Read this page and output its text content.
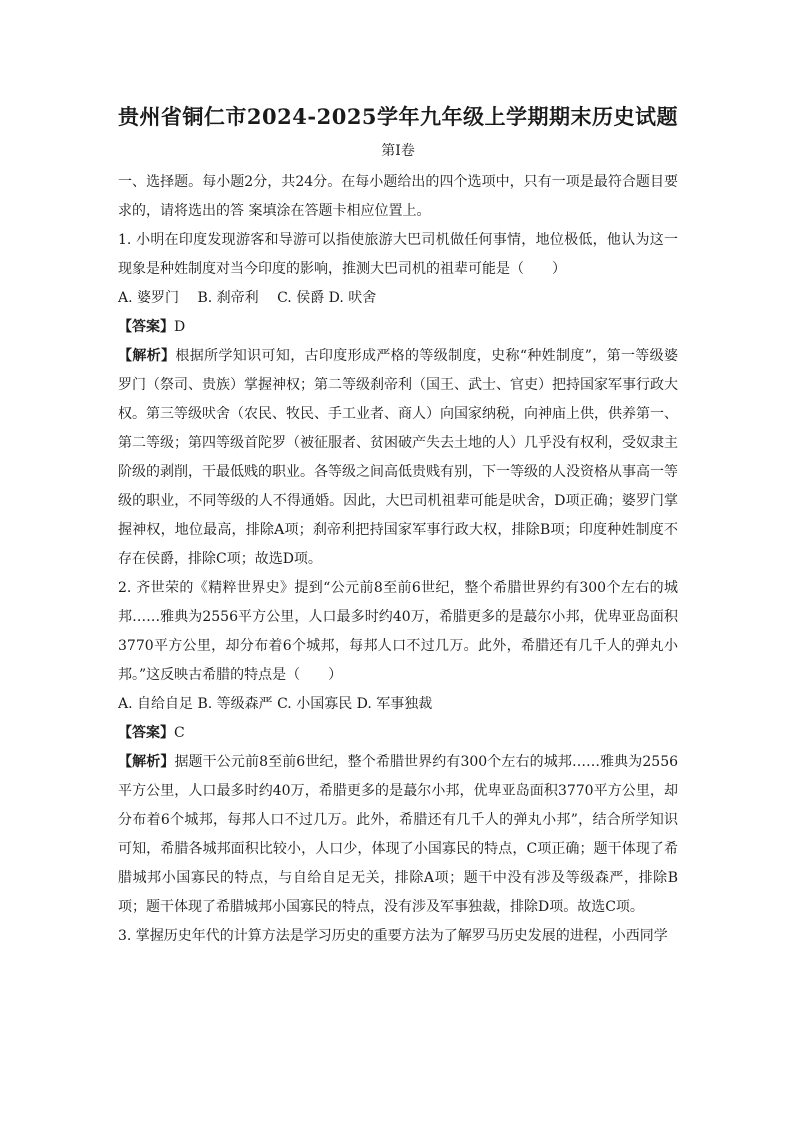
贵州省铜仁市2024-2025学年九年级上学期期末历史试题
第Ⅰ卷

一、选择题。每小题2分，共24分。在每小题给出的四个选项中，只有一项是最符合题目要求的，请将选出的答 案填涂在答题卡相应位置上。

1. 小明在印度发现游客和导游可以指使旅游大巴司机做任何事情，地位极低，他认为这一现象是种姓制度对当今印度的影响，推测大巴司机的祖辈可能是（　　）

A. 婆罗门　 B. 刹帝利　 C. 侯爵 D. 吠舍

【答案】D

【解析】根据所学知识可知，古印度形成严格的等级制度，史称“种姓制度”，第一等级婆罗门（祭司、贵族）掌握神权；第二等级刹帝利（国王、武士、官吏）把持国家军事行政大权。第三等级吠舍（农民、牧民、手工业者、商人）向国家纳税，向神庙上供，供养第一、第二等级；第四等级首陀罗（被征服者、贫困破产失去土地的人）几乎没有权利，受奴隶主阶级的剥削，干最低贱的职业。各等级之间高低贵贱有别，下一等级的人没资格从事高一等级的职业，不同等级的人不得通婚。因此，大巴司机祖辈可能是吠舍，D项正确；婆罗门掌握神权，地位最高，排除A项；刹帝利把持国家军事行政大权，排除B项；印度种姓制度不存在侯爵，排除C项；故选D项。

2. 齐世荣的《精粹世界史》提到“公元前8至前6世纪，整个希腊世界约有300个左右的城邦……雅典为2556平方公里，人口最多时约40万，希腊更多的是蕞尔小邦，优卑亚岛面积3770平方公里，却分布着6个城邦，每邦人口不过几万。此外，希腊还有几千人的弹丸小邦。”这反映古希腊的特点是（　　）

A. 自给自足 B. 等级森严 C. 小国寡民 D. 军事独裁

【答案】C

【解析】据题干公元前8至前6世纪，整个希腊世界约有300个左右的城邦……雅典为2556平方公里，人口最多时约40万，希腊更多的是蕞尔小邦，优卑亚岛面积3770平方公里，却分布着6个城邦，每邦人口不过几万。此外，希腊还有几千人的弹丸小邦”，结合所学知识可知，希腊各城邦面积比较小，人口少，体现了小国寡民的特点，C项正确；题干体现了希腊城邦小国寡民的特点，与自给自足无关，排除A项；题干中没有涉及等级森严，排除B项；题干体现了希腊城邦小国寡民的特点，没有涉及军事独裁，排除D项。故选C项。

3. 掌握历史年代的计算方法是学习历史的重要方法为了解罗马历史发展的进程，小西同学
